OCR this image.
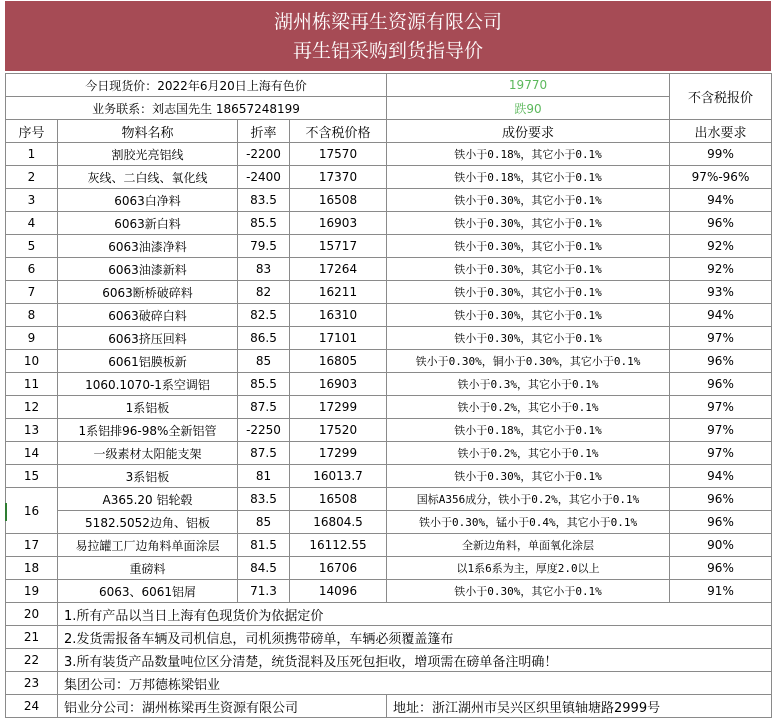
湖州栋梁再生资源有限公司
再生铝采购到货指导价
今日现货价：2022年6月20日上海有色价				19770	不含税报价
业务联系：刘志国先生 18657248199				跌90	
序号	物料名称	折率	不含税价格	成份要求	出水要求
1	割胶光亮铝线	-2200	17570	铁小于0.18%，其它小于0.1%	99%
2	灰线、二白线、氧化线	-2400	17370	铁小于0.18%，其它小于0.1%	97%-96%
3	6063白净料	83.5	16508	铁小于0.30%，其它小于0.1%	94%
4	6063新白料	85.5	16903	铁小于0.30%，其它小于0.1%	96%
5	6063油漆净料	79.5	15717	铁小于0.30%，其它小于0.1%	92%
6	6063油漆新料	83	17264	铁小于0.30%，其它小于0.1%	92%
7	6063断桥破碎料	82	16211	铁小于0.30%，其它小于0.1%	93%
8	6063破碎白料	82.5	16310	铁小于0.30%，其它小于0.1%	94%
9	6063挤压回料	86.5	17101	铁小于0.30%，其它小于0.1%	97%
10	6061铝膜板新	85	16805	铁小于0.30%，铜小于0.30%，其它小于0.1%	96%
11	1060.1070-1系空调铝	85.5	16903	铁小于0.3%，其它小于0.1%	96%
12	1系铝板	87.5	17299	铁小于0.2%，其它小于0.1%	97%
13	1系铝排96-98%全新铝管	-2250	17520	铁小于0.18%，其它小于0.1%	97%
14	一级素材太阳能支架	87.5	17299	铁小于0.2%，其它小于0.1%	97%
15	3系铝板	81	16013.7	铁小于0.30%，其它小于0.1%	94%
16	A365.20 铝轮毂	83.5	16508	国标A356成分，铁小于0.2%，其它小于0.1%	96%
	5182.5052边角、铝板	85	16804.5	铁小于0.30%，锰小于0.4%，其它小于0.1%	96%
17	易拉罐工厂边角料单面涂层	81.5	16112.55	全新边角料，单面氧化涂层	90%
18	重磅料	84.5	16706	以1系6系为主，厚度2.0以上	96%
19	6063、6061铝屑	71.3	14096	铁小于0.30%，其它小于0.1%	91%
20	1.所有产品以当日上海有色现货价为依据定价				
21	2.发货需报备车辆及司机信息，司机须携带磅单，车辆必须覆盖篷布				
22	3.所有装货产品数量吨位区分清楚，统货混料及压死包拒收，增项需在磅单备注明确！				
23	集团公司：万邦德栋梁铝业				
24	铝业分公司：湖州栋梁再生资源有限公司			地址：浙江湖州市吴兴区织里镇轴塘路2999号	
